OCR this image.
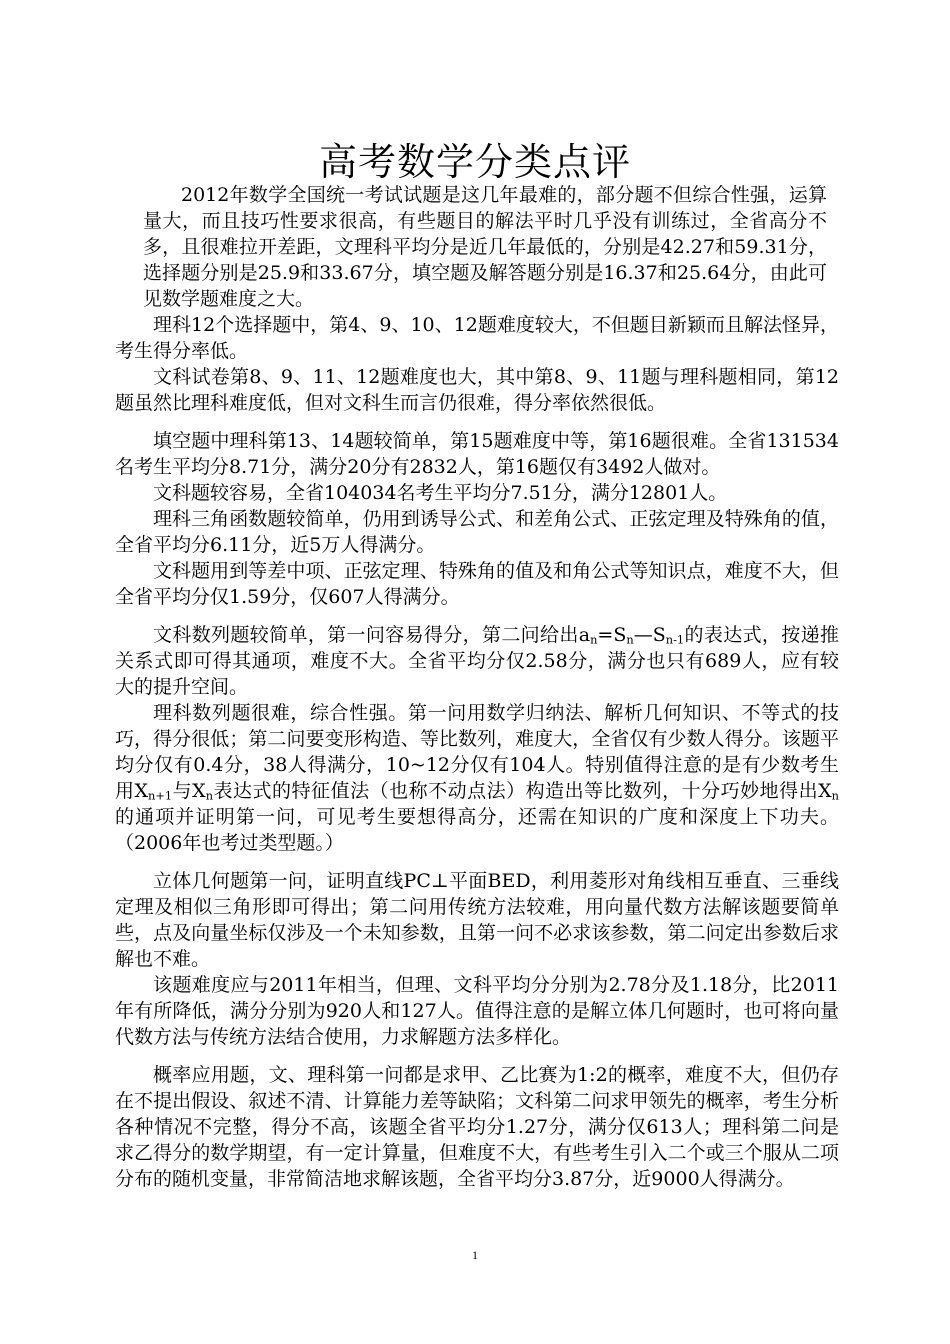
高考数学分类点评

2012年数学全国统一考试试题是这几年最难的，部分题不但综合性强，运算量大，而且技巧性要求很高，有些题目的解法平时几乎没有训练过，全省高分不多，且很难拉开差距，文理科平均分是近几年最低的，分别是42.27和59.31分，选择题分别是25.9和33.67分，填空题及解答题分别是16.37和25.64分，由此可见数学题难度之大。

理科12个选择题中，第4、9、10、12题难度较大，不但题目新颖而且解法怪异，考生得分率低。

文科试卷第8、9、11、12题难度也大，其中第8、9、11题与理科题相同，第12题虽然比理科难度低，但对文科生而言仍很难，得分率依然很低。

填空题中理科第13、14题较简单，第15题难度中等，第16题很难。全省131534名考生平均分8.71分，满分20分有2832人，第16题仅有3492人做对。

文科题较容易，全省104034名考生平均分7.51分，满分12801人。

理科三角函数题较简单，仍用到诱导公式、和差角公式、正弦定理及特殊角的值，全省平均分6.11分，近5万人得满分。

文科题用到等差中项、正弦定理、特殊角的值及和角公式等知识点，难度不大，但全省平均分仅1.59分，仅607人得满分。

文科数列题较简单，第一问容易得分，第二问给出$a_n=S_n—S_{n-1}$的表达式，按递推关系式即可得其通项，难度不大。全省平均分仅2.58分，满分也只有689人，应有较大的提升空间。

理科数列题很难，综合性强。第一问用数学归纳法、解析几何知识、不等式的技巧，得分很低；第二问要变形构造、等比数列，难度大，全省仅有少数人得分。该题平均分仅有0.4分，38人得满分，10~12分仅有104人。特别值得注意的是有少数考生用$X_{n+1}$与$X_n$表达式的特征值法（也称不动点法）构造出等比数列，十分巧妙地得出$X_n$的通项并证明第一问，可见考生要想得高分，还需在知识的广度和深度上下功夫。（2006年也考过类型题。）

立体几何题第一问，证明直线PC⊥平面BED，利用菱形对角线相互垂直、三垂线定理及相似三角形即可得出；第二问用传统方法较难，用向量代数方法解该题要简单些，点及向量坐标仅涉及一个未知参数，且第一问不必求该参数，第二问定出参数后求解也不难。

该题难度应与2011年相当，但理、文科平均分分别为2.78分及1.18分，比2011年有所降低，满分分别为920人和127人。值得注意的是解立体几何题时，也可将向量代数方法与传统方法结合使用，力求解题方法多样化。

概率应用题，文、理科第一问都是求甲、乙比赛为1:2的概率，难度不大，但仍存在不提出假设、叙述不清、计算能力差等缺陷；文科第二问求甲领先的概率，考生分析各种情况不完整，得分不高，该题全省平均分1.27分，满分仅613人；理科第二问是求乙得分的数学期望，有一定计算量，但难度不大，有些考生引入二个或三个服从二项分布的随机变量，非常简洁地求解该题，全省平均分3.87分，近9000人得满分。

1
